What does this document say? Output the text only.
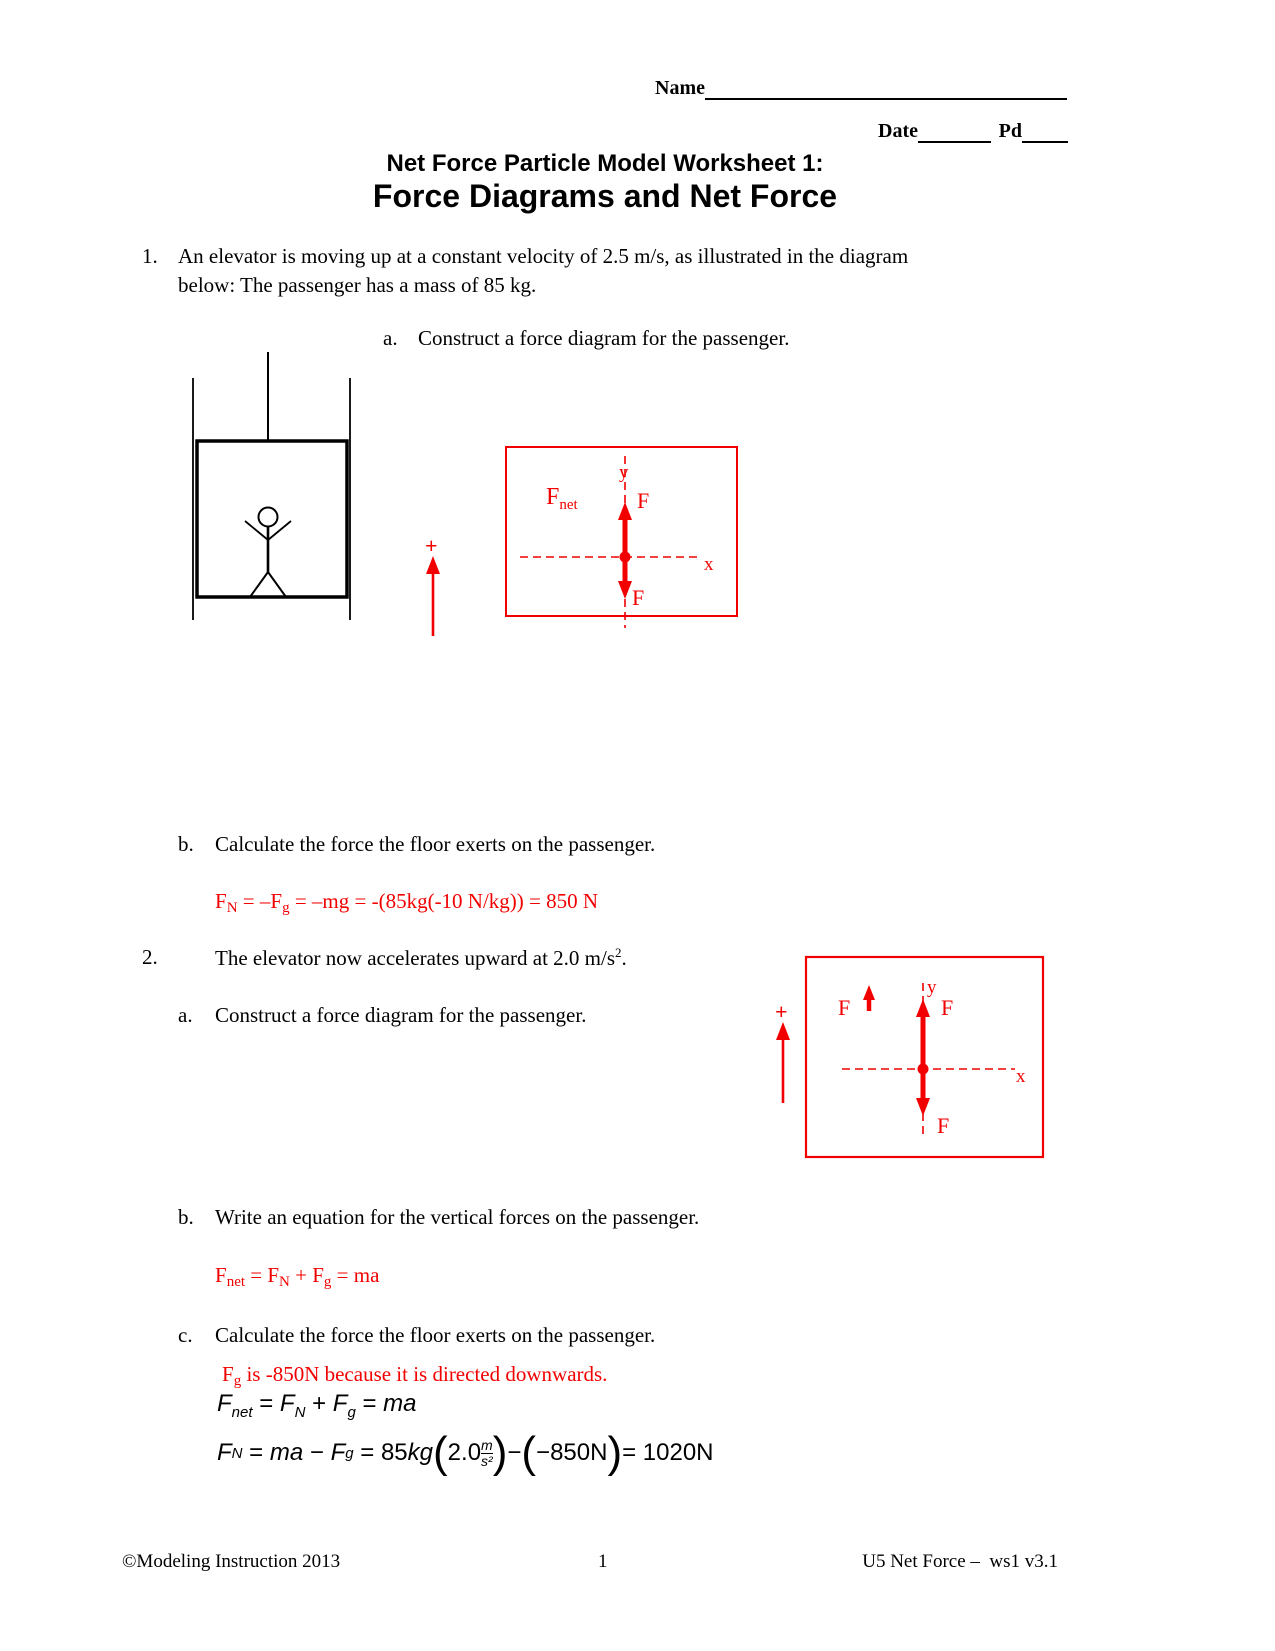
Name
Date	Pd
Net Force Particle Model Worksheet 1:
Force Diagrams and Net Force
1. An elevator is moving up at a constant velocity of 2.5 m/s, as illustrated in the diagram
below: The passenger has a mass of 85 kg.
a. Construct a force diagram for the passenger.
+
$F_{net}$	F
F
y
x
b. Calculate the force the floor exerts on the passenger.
$F_N = -F_g = -mg = -(85kg(-10$ N/kg)) = 850 N
2.	The elevator now accelerates upward at 2.0 $m/s^2$.
a. Construct a force diagram for the passenger.	+ F	F
F
y
x
b. Write an equation for the vertical forces on the passenger.
$F_{net} = F_N + F_g$ = ma
c. Calculate the force the floor exerts on the passenger.
$F_g$ is -850N because it is directed downwards.
$F_{net} = F_N + F_g$ = ma
F N = ma − F g = 85 kg ( $2.0 \frac{m}{\text{s²}}$ ) − ( −850N ) = 1020N
©Modeling Instruction 2013	1	U5 Net Force –  ws1 v3.1
